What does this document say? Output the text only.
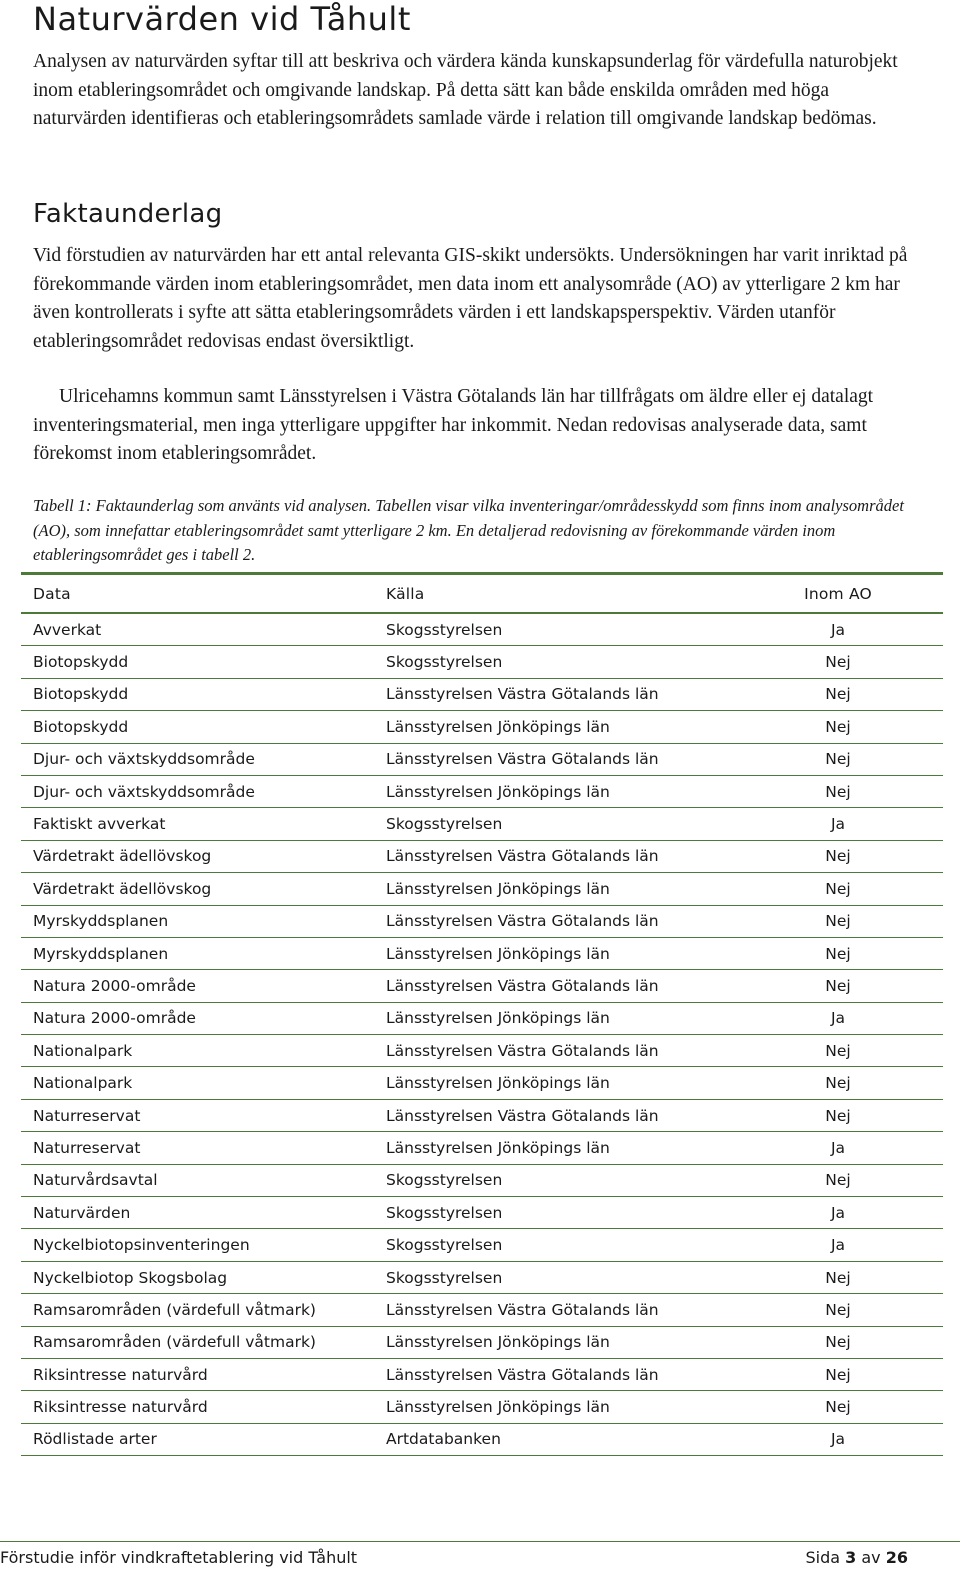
Naturvärden vid Tåhult

Analysen av naturvärden syftar till att beskriva och värdera kända kunskapsunderlag för värdefulla naturobjekt inom etableringsområdet och omgivande landskap. På detta sätt kan både enskilda områden med höga naturvärden identifieras och etableringsområdets samlade värde i relation till omgivande landskap bedömas.

Faktaunderlag

Vid förstudien av naturvärden har ett antal relevanta GIS-skikt undersökts. Undersökningen har varit inriktad på förekommande värden inom etableringsområdet, men data inom ett analysområde (AO) av ytterligare 2 km har även kontrollerats i syfte att sätta etableringsområdets värden i ett landskapsperspektiv. Värden utanför etableringsområdet redovisas endast översiktligt.

Ulricehamns kommun samt Länsstyrelsen i Västra Götalands län har tillfrågats om äldre eller ej datalagt inventeringsmaterial, men inga ytterligare uppgifter har inkommit. Nedan redovisas analyserade data, samt förekomst inom etableringsområdet.

Tabell 1: Faktaunderlag som använts vid analysen. Tabellen visar vilka inventeringar/områdesskydd som finns inom analysområdet (AO), som innefattar etableringsområdet samt ytterligare 2 km. En detaljerad redovisning av förekommande värden inom etableringsområdet ges i tabell 2.

Data	Källa	Inom AO
Avverkat	Skogsstyrelsen	Ja
Biotopskydd	Skogsstyrelsen	Nej
Biotopskydd	Länsstyrelsen Västra Götalands län	Nej
Biotopskydd	Länsstyrelsen Jönköpings län	Nej
Djur- och växtskyddsområde	Länsstyrelsen Västra Götalands län	Nej
Djur- och växtskyddsområde	Länsstyrelsen Jönköpings län	Nej
Faktiskt avverkat	Skogsstyrelsen	Ja
Värdetrakt ädellövskog	Länsstyrelsen Västra Götalands län	Nej
Värdetrakt ädellövskog	Länsstyrelsen Jönköpings län	Nej
Myrskyddsplanen	Länsstyrelsen Västra Götalands län	Nej
Myrskyddsplanen	Länsstyrelsen Jönköpings län	Nej
Natura 2000-område	Länsstyrelsen Västra Götalands län	Nej
Natura 2000-område	Länsstyrelsen Jönköpings län	Ja
Nationalpark	Länsstyrelsen Västra Götalands län	Nej
Nationalpark	Länsstyrelsen Jönköpings län	Nej
Naturreservat	Länsstyrelsen Västra Götalands län	Nej
Naturreservat	Länsstyrelsen Jönköpings län	Ja
Naturvårdsavtal	Skogsstyrelsen	Nej
Naturvärden	Skogsstyrelsen	Ja
Nyckelbiotopsinventeringen	Skogsstyrelsen	Ja
Nyckelbiotop Skogsbolag	Skogsstyrelsen	Nej
Ramsarområden (värdefull våtmark)	Länsstyrelsen Västra Götalands län	Nej
Ramsarområden (värdefull våtmark)	Länsstyrelsen Jönköpings län	Nej
Riksintresse naturvård	Länsstyrelsen Västra Götalands län	Nej
Riksintresse naturvård	Länsstyrelsen Jönköpings län	Nej
Rödlistade arter	Artdatabanken	Ja
Förstudie inför vindkraftetablering vid Tåhult	Sida 3 av 26
